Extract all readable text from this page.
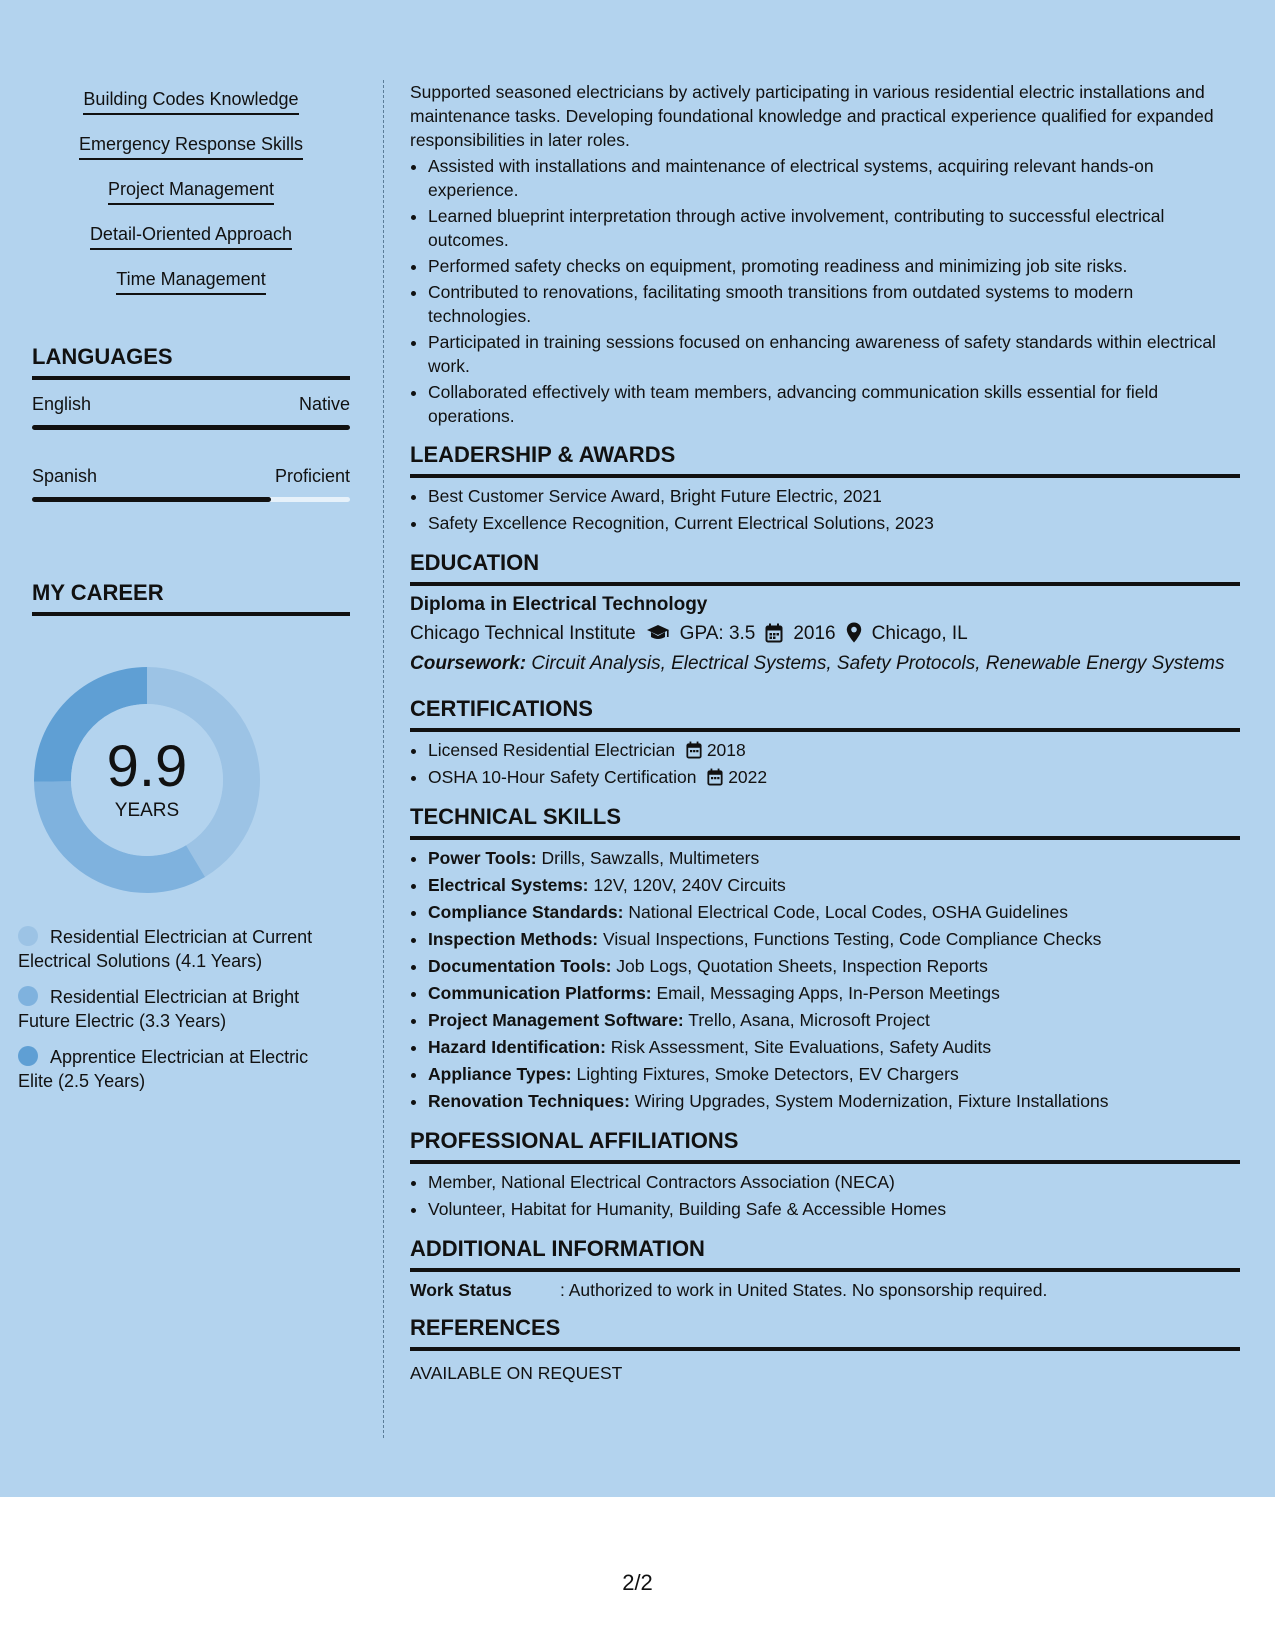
Building Codes Knowledge
Emergency Response Skills
Project Management
Detail-Oriented Approach
Time Management
LANGUAGES
English	Native
Spanish	Proficient
MY CAREER
9.9
YEARS
Residential Electrician at Current Electrical Solutions (4.1 Years)
Residential Electrician at Bright Future Electric (3.3 Years)
Apprentice Electrician at Electric Elite (2.5 Years)
Supported seasoned electricians by actively participating in various residential electric installations and maintenance tasks. Developing foundational knowledge and practical experience qualified for expanded responsibilities in later roles.
• Assisted with installations and maintenance of electrical systems, acquiring relevant hands-on experience.
• Learned blueprint interpretation through active involvement, contributing to successful electrical outcomes.
• Performed safety checks on equipment, promoting readiness and minimizing job site risks.
• Contributed to renovations, facilitating smooth transitions from outdated systems to modern technologies.
• Participated in training sessions focused on enhancing awareness of safety standards within electrical work.
• Collaborated effectively with team members, advancing communication skills essential for field operations.
LEADERSHIP & AWARDS
• Best Customer Service Award, Bright Future Electric, 2021
• Safety Excellence Recognition, Current Electrical Solutions, 2023
EDUCATION
Diploma in Electrical Technology
Chicago Technical Institute GPA: 3.5 2016 Chicago, IL
Coursework: Circuit Analysis, Electrical Systems, Safety Protocols, Renewable Energy Systems
CERTIFICATIONS
• Licensed Residential Electrician 2018
• OSHA 10-Hour Safety Certification 2022
TECHNICAL SKILLS
• Power Tools: Drills, Sawzalls, Multimeters
• Electrical Systems: 12V, 120V, 240V Circuits
• Compliance Standards: National Electrical Code, Local Codes, OSHA Guidelines
• Inspection Methods: Visual Inspections, Functions Testing, Code Compliance Checks
• Documentation Tools: Job Logs, Quotation Sheets, Inspection Reports
• Communication Platforms: Email, Messaging Apps, In-Person Meetings
• Project Management Software: Trello, Asana, Microsoft Project
• Hazard Identification: Risk Assessment, Site Evaluations, Safety Audits
• Appliance Types: Lighting Fixtures, Smoke Detectors, EV Chargers
• Renovation Techniques: Wiring Upgrades, System Modernization, Fixture Installations
PROFESSIONAL AFFILIATIONS
• Member, National Electrical Contractors Association (NECA)
• Volunteer, Habitat for Humanity, Building Safe & Accessible Homes
ADDITIONAL INFORMATION
Work Status	: Authorized to work in United States. No sponsorship required.
REFERENCES
AVAILABLE ON REQUEST
2/2
